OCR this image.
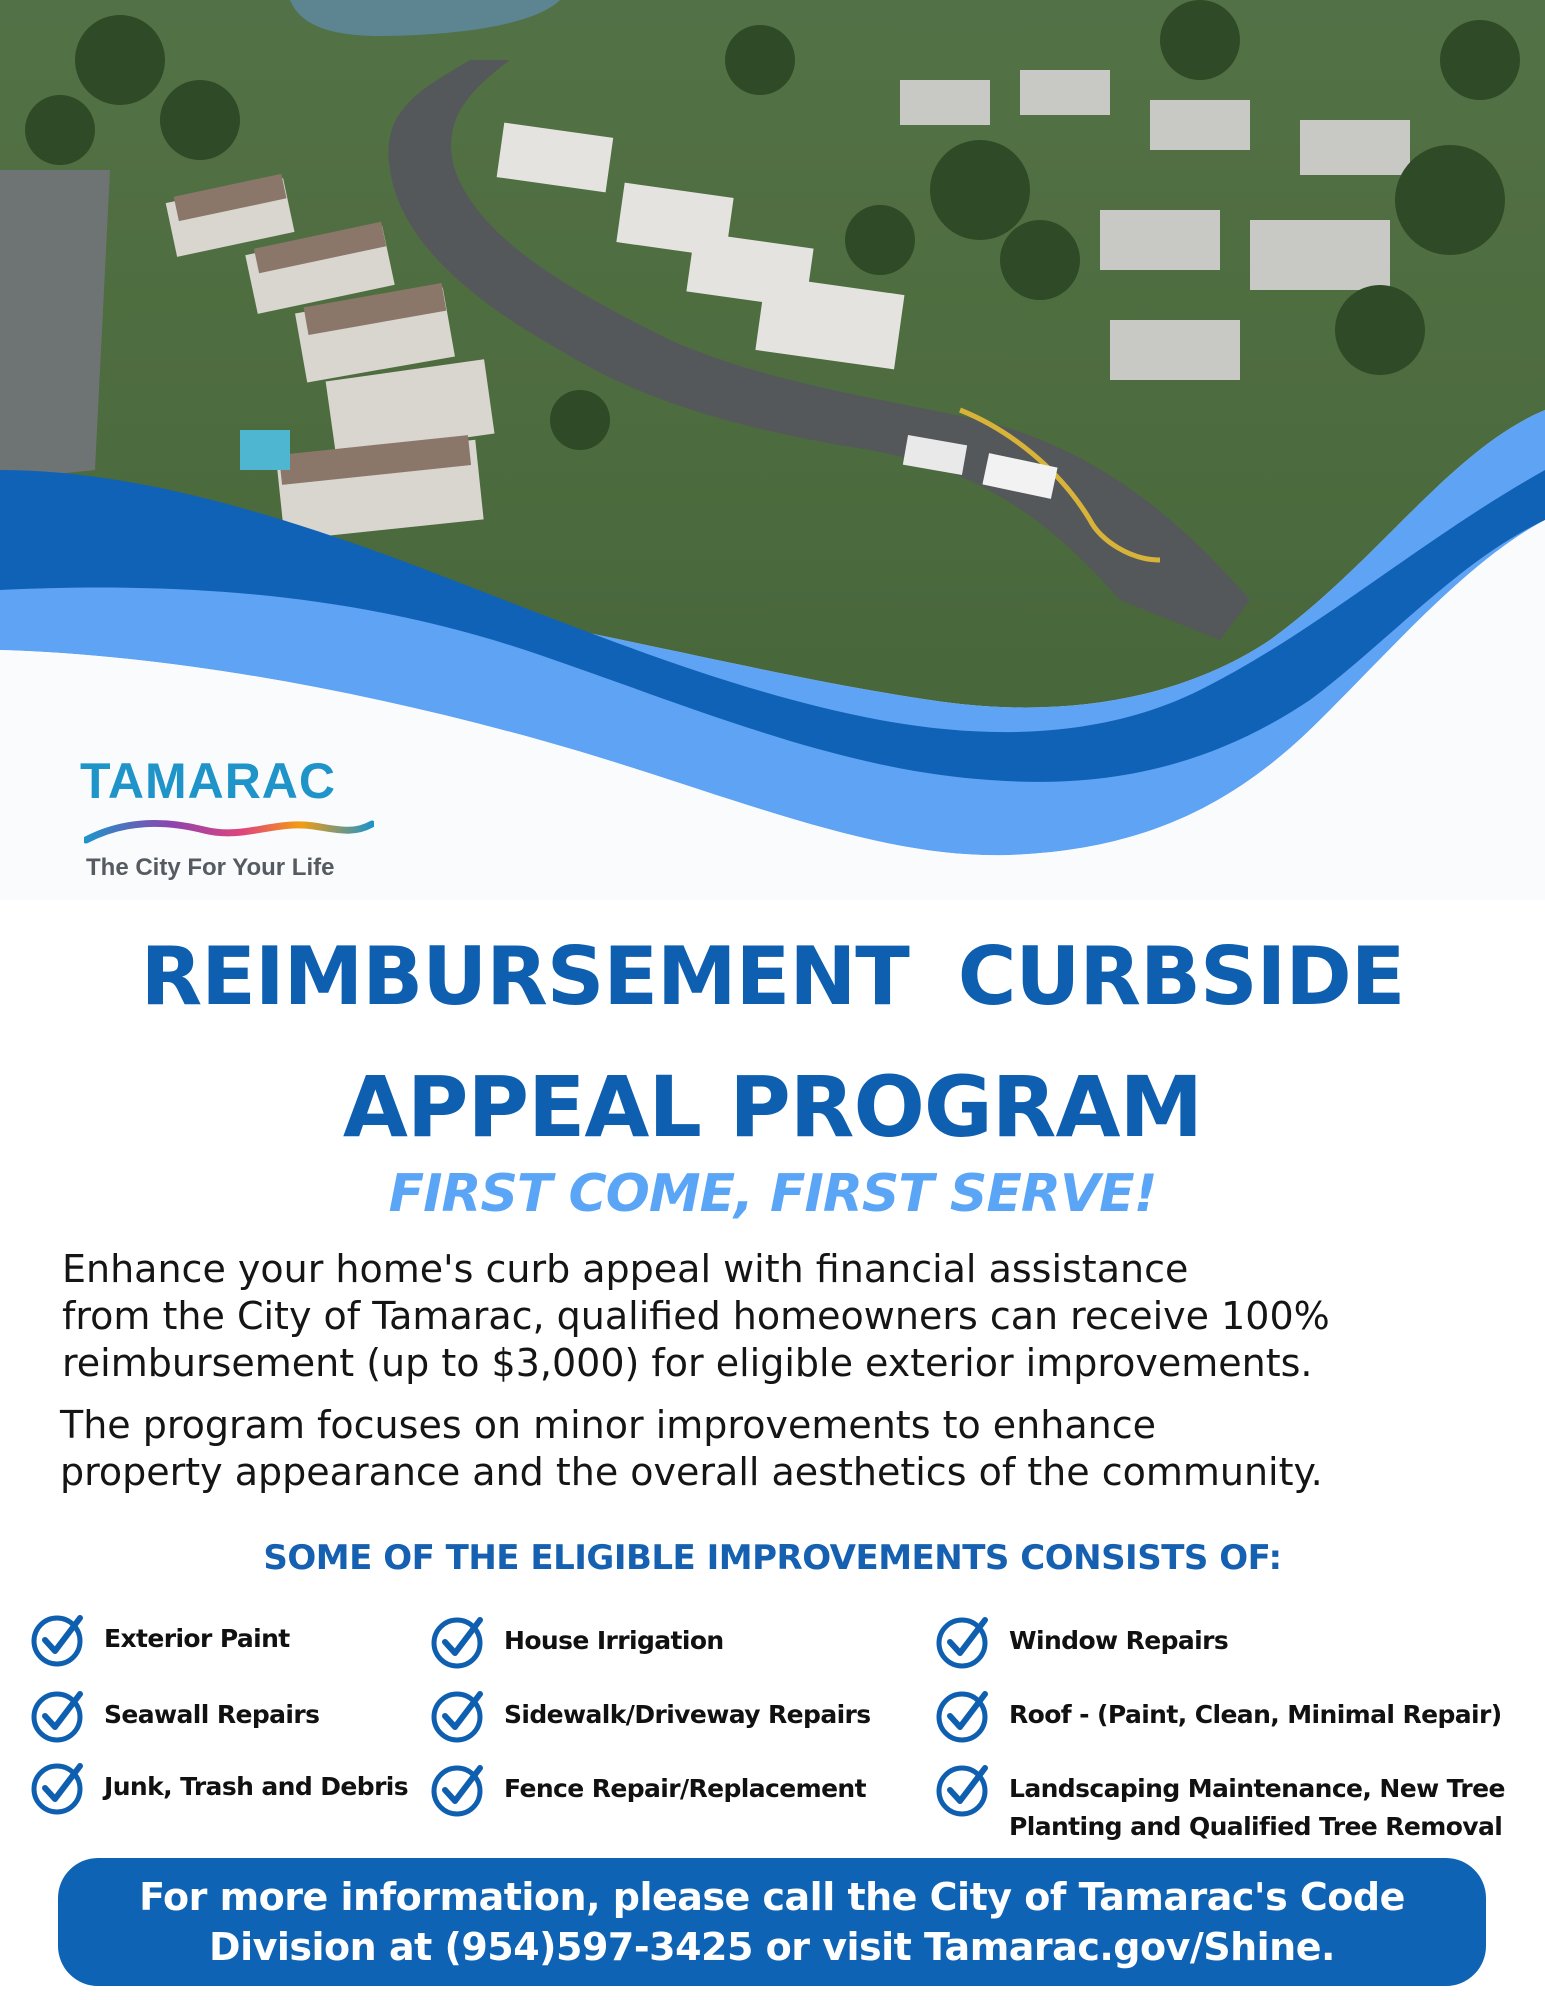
TAMARAC
The City For Your Life
REIMBURSEMENT CURBSIDE
APPEAL PROGRAM
FIRST COME, FIRST SERVE!
Enhance your home's curb appeal with financial assistance
from the City of Tamarac, qualified homeowners can receive 100%
reimbursement (up to $3,000) for eligible exterior improvements.
The program focuses on minor improvements to enhance
property appearance and the overall aesthetics of the community.
SOME OF THE ELIGIBLE IMPROVEMENTS CONSISTS OF:
Exterior Paint	House Irrigation	Window Repairs
Seawall Repairs	Sidewalk/Driveway Repairs	Roof - (Paint, Clean, Minimal Repair)
Junk, Trash and Debris	Fence Repair/Replacement	Landscaping Maintenance, New Tree
Planting and Qualified Tree Removal
For more information, please call the City of Tamarac's Code
Division at (954)597-3425 or visit Tamarac.gov/Shine.
